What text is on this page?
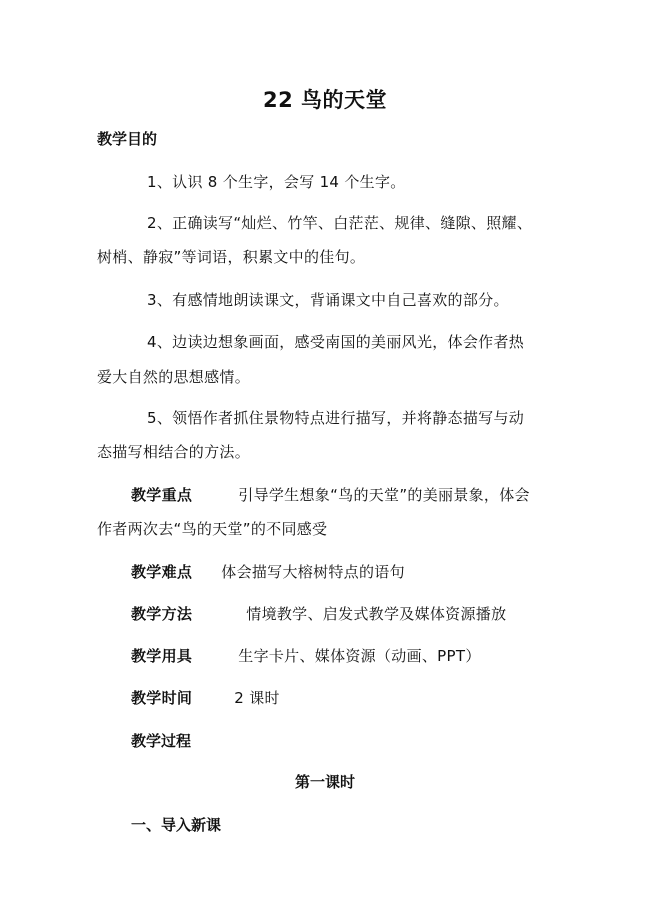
22 鸟的天堂
教学目的
1、认识 8 个生字，会写 14 个生字。
2、正确读写“灿烂、竹竿、白茫茫、规律、缝隙、照耀、
树梢、静寂”等词语，积累文中的佳句。
3、有感情地朗读课文，背诵课文中自己喜欢的部分。
4、边读边想象画面，感受南国的美丽风光，体会作者热
爱大自然的思想感情。
5、领悟作者抓住景物特点进行描写，并将静态描写与动
态描写相结合的方法。
教学重点	引导学生想象“鸟的天堂”的美丽景象，体会
作者两次去“鸟的天堂”的不同感受
教学难点 体会描写大榕树特点的语句
教学方法	情境教学、启发式教学及媒体资源播放
教学用具	生字卡片、媒体资源（动画、PPT）
教学时间	2 课时
教学过程
第一课时
一、导入新课
